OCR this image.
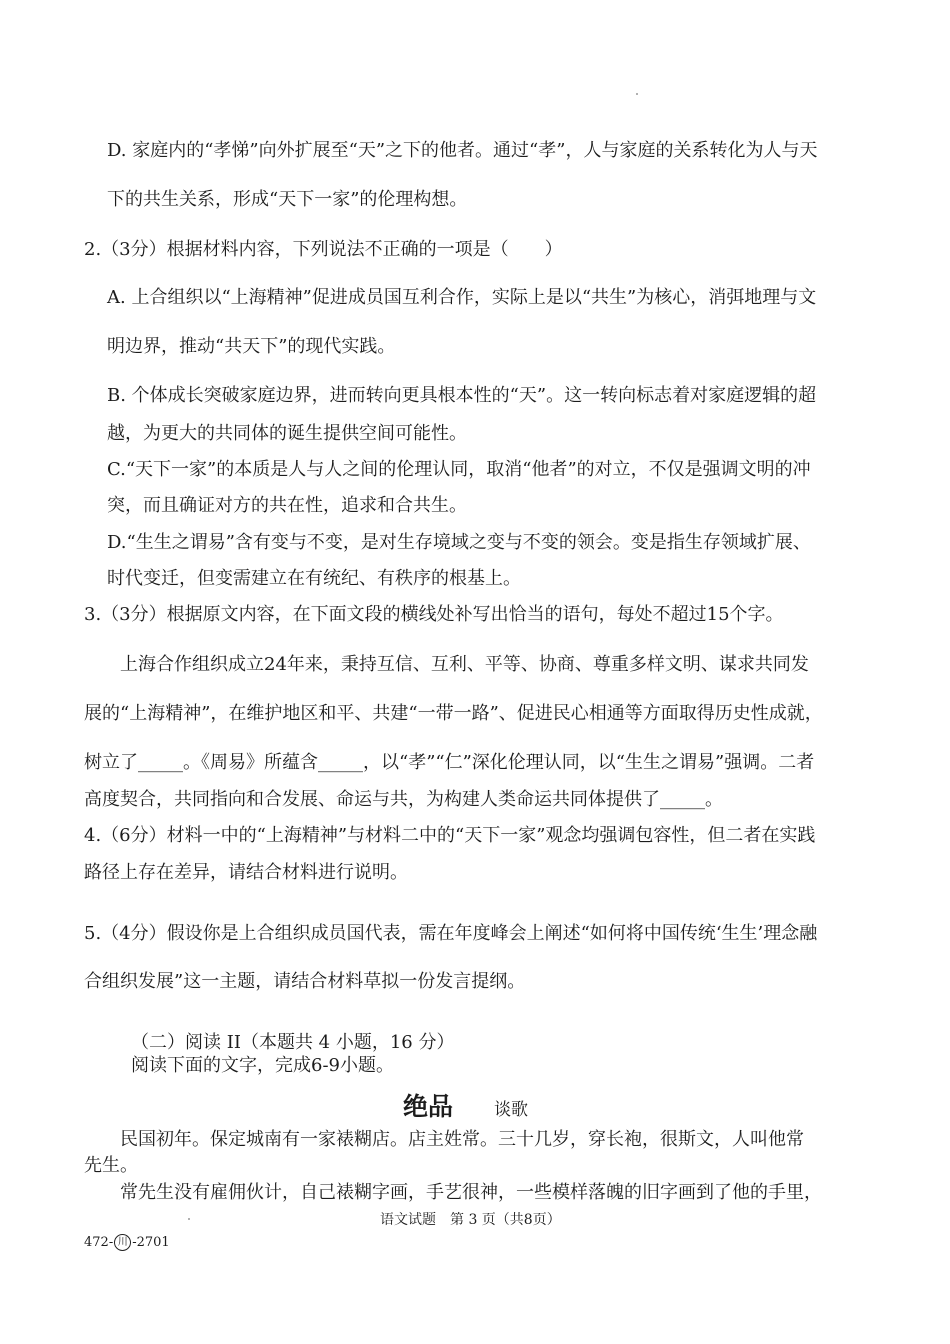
D. 家庭内的“孝悌”向外扩展至“天”之下的他者。通过“孝”，人与家庭的关系转化为人与天
下的共生关系，形成“天下一家”的伦理构想。
2.（3分）根据材料内容，下列说法不正确的一项是（　　）
A. 上合组织以“上海精神”促进成员国互利合作，实际上是以“共生”为核心，消弭地理与文
明边界，推动“共天下”的现代实践。
B. 个体成长突破家庭边界，进而转向更具根本性的“天”。这一转向标志着对家庭逻辑的超
越，为更大的共同体的诞生提供空间可能性。
C.“天下一家”的本质是人与人之间的伦理认同，取消“他者”的对立，不仅是强调文明的冲
突，而且确证对方的共在性，追求和合共生。
D.“生生之谓易”含有变与不变，是对生存境域之变与不变的领会。变是指生存领域扩展、
时代变迁，但变需建立在有统纪、有秩序的根基上。
3.（3分）根据原文内容，在下面文段的横线处补写出恰当的语句，每处不超过15个字。
上海合作组织成立24年来，秉持互信、互利、平等、协商、尊重多样文明、谋求共同发
展的“上海精神”，在维护地区和平、共建“一带一路”、促进民心相通等方面取得历史性成就，
树立了_____。《周易》所蕴含_____，以“孝”“仁”深化伦理认同，以“生生之谓易”强调。二者
高度契合，共同指向和合发展、命运与共，为构建人类命运共同体提供了_____。
4.（6分）材料一中的“上海精神”与材料二中的“天下一家”观念均强调包容性，但二者在实践
路径上存在差异，请结合材料进行说明。
5.（4分）假设你是上合组织成员国代表，需在年度峰会上阐述“如何将中国传统‘生生’理念融
合组织发展”这一主题，请结合材料草拟一份发言提纲。
（二）阅读 II（本题共 4 小题，16 分）
阅读下面的文字，完成6-9小题。
绝品 谈歌
民国初年。保定城南有一家裱糊店。店主姓常。三十几岁，穿长袍，很斯文，人叫他常
先生。
常先生没有雇佣伙计，自己裱糊字画，手艺很神，一些模样落魄的旧字画到了他的手里，
语文试题　第 3 页（共8页）
472- 川 -2701
